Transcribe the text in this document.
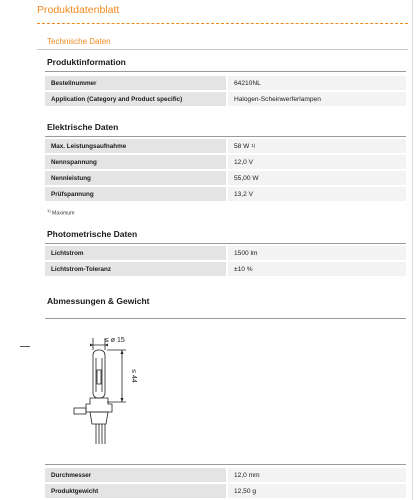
Produktdatenblatt
Technische Daten
Produktinformation
Bestellnummer	64210NL
Application (Category and Product specific)	Halogen-Scheinwerferlampen
Elektrische Daten
Max. Leistungsaufnahme	58 W $^{1)}$
Nennspannung	12,0 V
Nennleistung	55,00 W
Prüfspannung	13,2 V
$^{1)}$ Maximum
Photometrische Daten
Lichtstrom	1500 lm
Lichtstrom-Toleranz	±10 %
Abmessungen & Gewicht
≤ ø 15
≤ 44
Durchmesser	12,0 mm
Produktgewicht	12,50 g
